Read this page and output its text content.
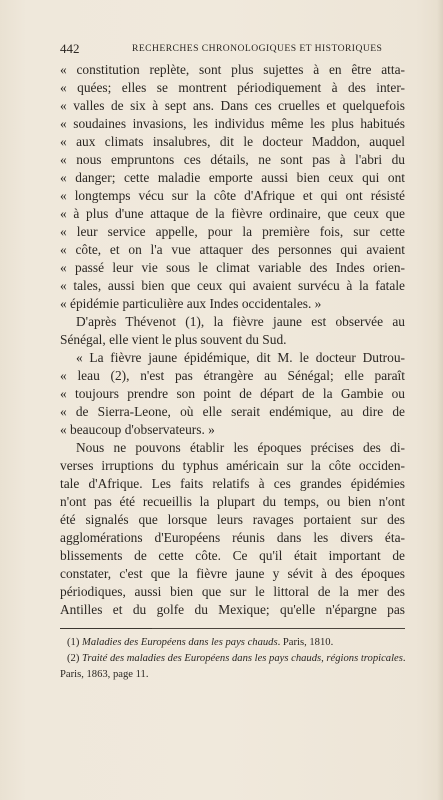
442	RECHERCHES CHRONOLOGIQUES ET HISTORIQUES
« constitution replète, sont plus sujettes à en être atta-
« quées; elles se montrent périodiquement à des inter-
« valles de six à sept ans. Dans ces cruelles et quelquefois
« soudaines invasions, les individus même les plus habitués
« aux climats insalubres, dit le docteur Maddon, auquel
« nous empruntons ces détails, ne sont pas à l'abri du
« danger; cette maladie emporte aussi bien ceux qui ont
« longtemps vécu sur la côte d'Afrique et qui ont résisté
« à plus d'une attaque de la fièvre ordinaire, que ceux que
« leur service appelle, pour la première fois, sur cette
« côte, et on l'a vue attaquer des personnes qui avaient
« passé leur vie sous le climat variable des Indes orien-
« tales, aussi bien que ceux qui avaient survécu à la fatale
« épidémie particulière aux Indes occidentales. »
D'après Thévenot (1), la fièvre jaune est observée au
Sénégal, elle vient le plus souvent du Sud.
« La fièvre jaune épidémique, dit M. le docteur Dutrou-
« leau (2), n'est pas étrangère au Sénégal; elle paraît
« toujours prendre son point de départ de la Gambie ou
« de Sierra-Leone, où elle serait endémique, au dire de
« beaucoup d'observateurs. »
Nous ne pouvons établir les époques précises des di-
verses irruptions du typhus américain sur la côte occiden-
tale d'Afrique. Les faits relatifs à ces grandes épidémies
n'ont pas été recueillis la plupart du temps, ou bien n'ont
été signalés que lorsque leurs ravages portaient sur des
agglomérations d'Européens réunis dans les divers éta-
blissements de cette côte. Ce qu'il était important de
constater, c'est que la fièvre jaune y sévit à des époques
périodiques, aussi bien que sur le littoral de la mer des
Antilles et du golfe du Mexique; qu'elle n'épargne pas
(1) Maladies des Européens dans les pays chauds. Paris, 1810.
(2) Traité des maladies des Européens dans les pays chauds, régions tropicales.
Paris, 1863, page 11.
